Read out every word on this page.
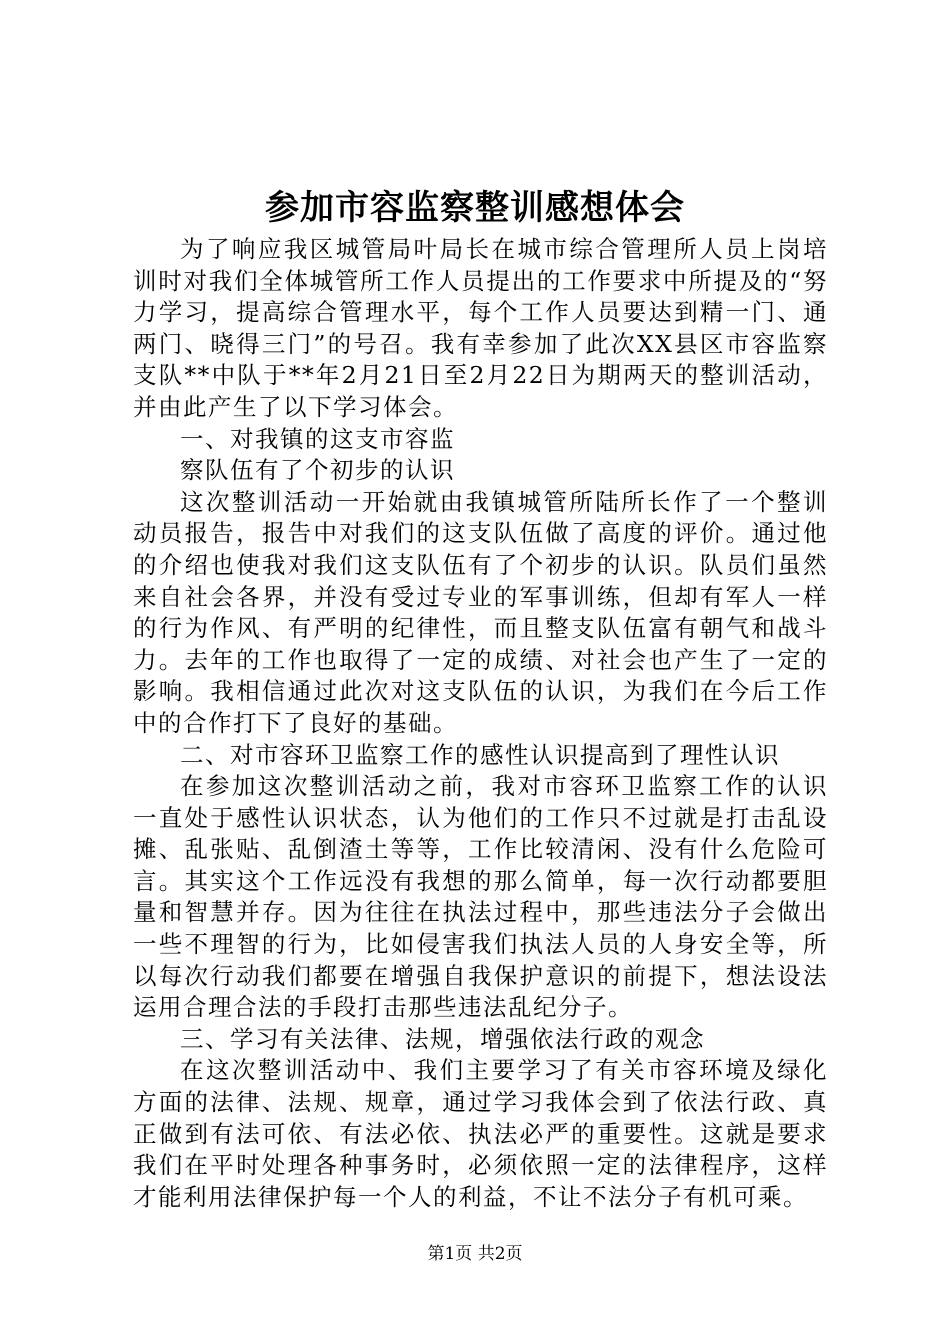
参加市容监察整训感想体会

为了响应我区城管局叶局长在城市综合管理所人员上岗培训时对我们全体城管所工作人员提出的工作要求中所提及的“努力学习，提高综合管理水平，每个工作人员要达到精一门、通两门、晓得三门”的号召。我有幸参加了此次XX县区市容监察支队**中队于**年2月21日至2月22日为期两天的整训活动，并由此产生了以下学习体会。

一、对我镇的这支市容监

察队伍有了个初步的认识

这次整训活动一开始就由我镇城管所陆所长作了一个整训动员报告，报告中对我们的这支队伍做了高度的评价。通过他的介绍也使我对我们这支队伍有了个初步的认识。队员们虽然来自社会各界，并没有受过专业的军事训练，但却有军人一样的行为作风、有严明的纪律性，而且整支队伍富有朝气和战斗力。去年的工作也取得了一定的成绩、对社会也产生了一定的影响。我相信通过此次对这支队伍的认识，为我们在今后工作中的合作打下了良好的基础。

二、对市容环卫监察工作的感性认识提高到了理性认识

在参加这次整训活动之前，我对市容环卫监察工作的认识一直处于感性认识状态，认为他们的工作只不过就是打击乱设摊、乱张贴、乱倒渣土等等，工作比较清闲、没有什么危险可言。其实这个工作远没有我想的那么简单，每一次行动都要胆量和智慧并存。因为往往在执法过程中，那些违法分子会做出一些不理智的行为，比如侵害我们执法人员的人身安全等，所以每次行动我们都要在增强自我保护意识的前提下，想法设法运用合理合法的手段打击那些违法乱纪分子。

三、学习有关法律、法规，增强依法行政的观念

在这次整训活动中、我们主要学习了有关市容环境及绿化方面的法律、法规、规章，通过学习我体会到了依法行政、真正做到有法可依、有法必依、执法必严的重要性。这就是要求我们在平时处理各种事务时，必须依照一定的法律程序，这样才能利用法律保护每一个人的利益，不让不法分子有机可乘。

第1页 共2页
